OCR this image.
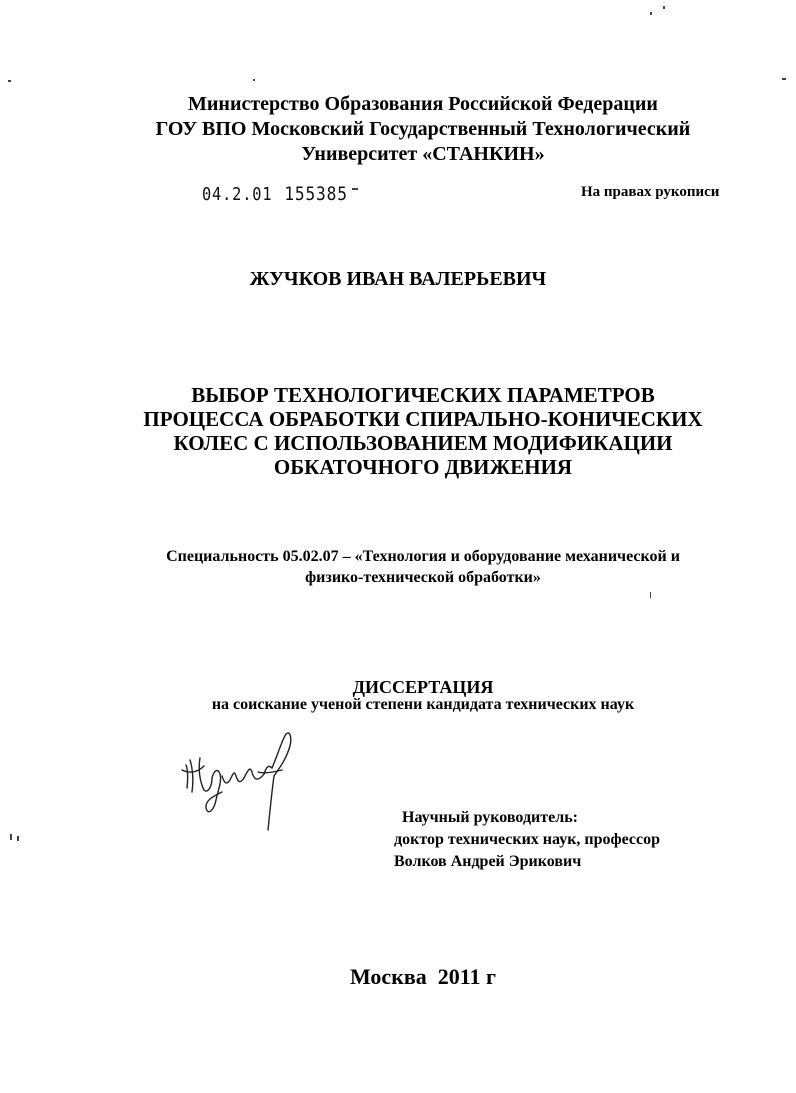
Министерство Образования Российской Федерации
ГОУ ВПО Московский Государственный Технологический
Университет «СТАНКИН»
04.2.01 155385	На правах рукописи
ЖУЧКОВ ИВАН ВАЛЕРЬЕВИЧ
ВЫБОР ТЕХНОЛОГИЧЕСКИХ ПАРАМЕТРОВ
ПРОЦЕССА ОБРАБОТКИ СПИРАЛЬНО-КОНИЧЕСКИХ
КОЛЕС С ИСПОЛЬЗОВАНИЕМ МОДИФИКАЦИИ
ОБКАТОЧНОГО ДВИЖЕНИЯ
Специальность 05.02.07 – «Технология и оборудование механической и
физико-технической обработки»
ДИССЕРТАЦИЯ
на соискание ученой степени кандидата технических наук
Научный руководитель:
доктор технических наук, профессор
Волков Андрей Эрикович
Москва  2011 г
